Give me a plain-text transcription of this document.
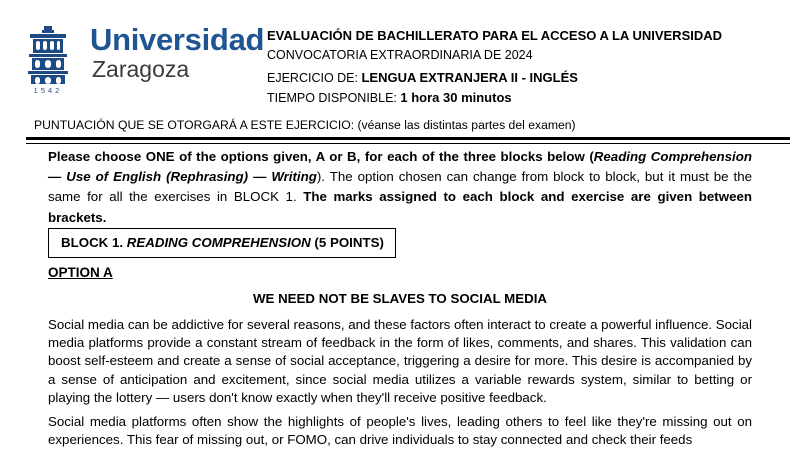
1542
Universidad
Zaragoza
EVALUACIÓN DE BACHILLERATO PARA EL ACCESO A LA UNIVERSIDAD
CONVOCATORIA EXTRAORDINARIA DE 2024
EJERCICIO DE: LENGUA EXTRANJERA II - INGLÉS
TIEMPO DISPONIBLE: 1 hora 30 minutos
PUNTUACIÓN QUE SE OTORGARÁ A ESTE EJERCICIO: (véanse las distintas partes del examen)
Please choose ONE of the options given, A or B, for each of the three blocks below (Reading Comprehension — Use of English (Rephrasing) — Writing). The option chosen can change from block to block, but it must be the same for all the exercises in BLOCK 1. The marks assigned to each block and exercise are given between brackets.
BLOCK 1. READING COMPREHENSION (5 POINTS)
OPTION A
WE NEED NOT BE SLAVES TO SOCIAL MEDIA
Social media can be addictive for several reasons, and these factors often interact to create a powerful influence. Social media platforms provide a constant stream of feedback in the form of likes, comments, and shares. This validation can boost self-esteem and create a sense of social acceptance, triggering a desire for more. This desire is accompanied by a sense of anticipation and excitement, since social media utilizes a variable rewards system, similar to betting or playing the lottery — users don't know exactly when they'll receive positive feedback.
Social media platforms often show the highlights of people's lives, leading others to feel like they're missing out on experiences. This fear of missing out, or FOMO, can drive individuals to stay connected and check their feeds
